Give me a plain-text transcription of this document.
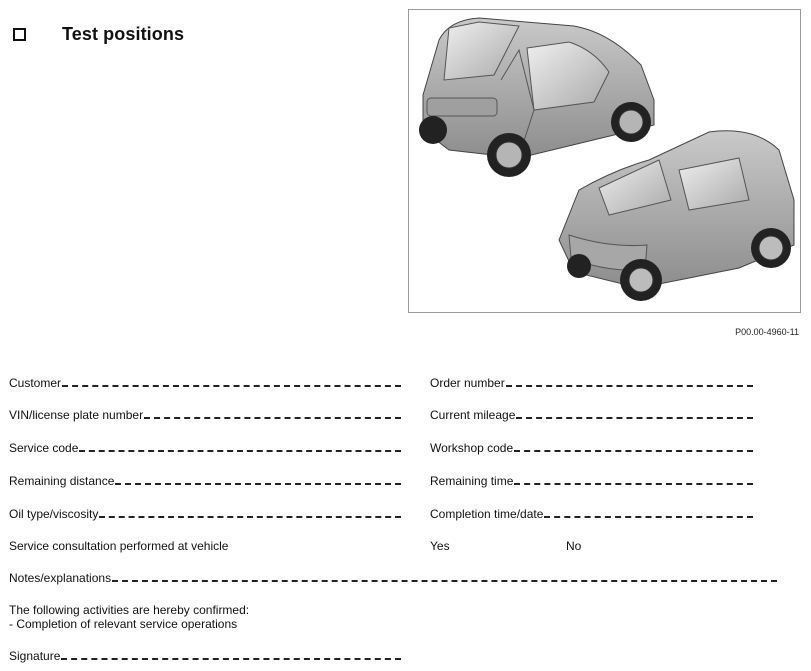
Test positions
P00.00-4960-11
Customer
VIN/license plate number
Service code
Remaining distance
Oil type/viscosity
Order number
Current mileage
Workshop code
Remaining time
Completion time/date
Service consultation performed at vehicle	Yes	No
Notes/explanations
The following activities are hereby confirmed:
- Completion of relevant service operations
Signature
